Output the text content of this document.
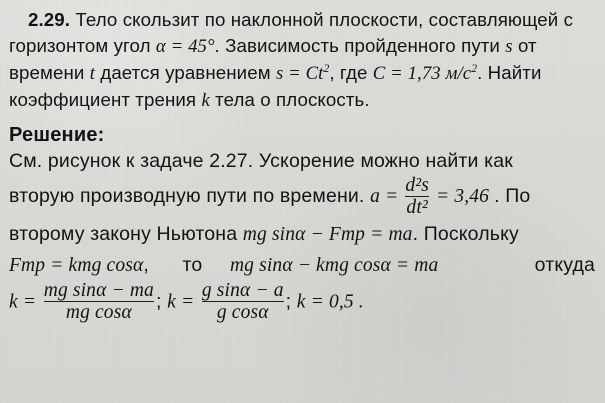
2.29. Тело скользит по наклонной плоскости, составляющей с
горизонтом угол α = 45°. Зависимость пройденного пути s от
времени t дается уравнением $s = Ct^2$, где C = 1,73 $м/с^2$. Найти
коэффициент трения k тела о плоскость.
Решение:
См. рисунок к задаче 2.27. Ускорение можно найти как
вторую производную пути по времени. $a = \frac{\text{d²s}}{\text{dt²}} = 3,46$ . По
второму закону Ньютона mg sinα − Fтр = ma. Поскольку
Fтр = kmg cosα, то mg sinα − kmg cosα = ma	откуда
$k = \frac{\text{mg sinα − ma}}{\text{mg cosα}}$ ; $k = \frac{\text{g sinα − a}}{\text{g cosα}}$ ; k = 0,5 .
